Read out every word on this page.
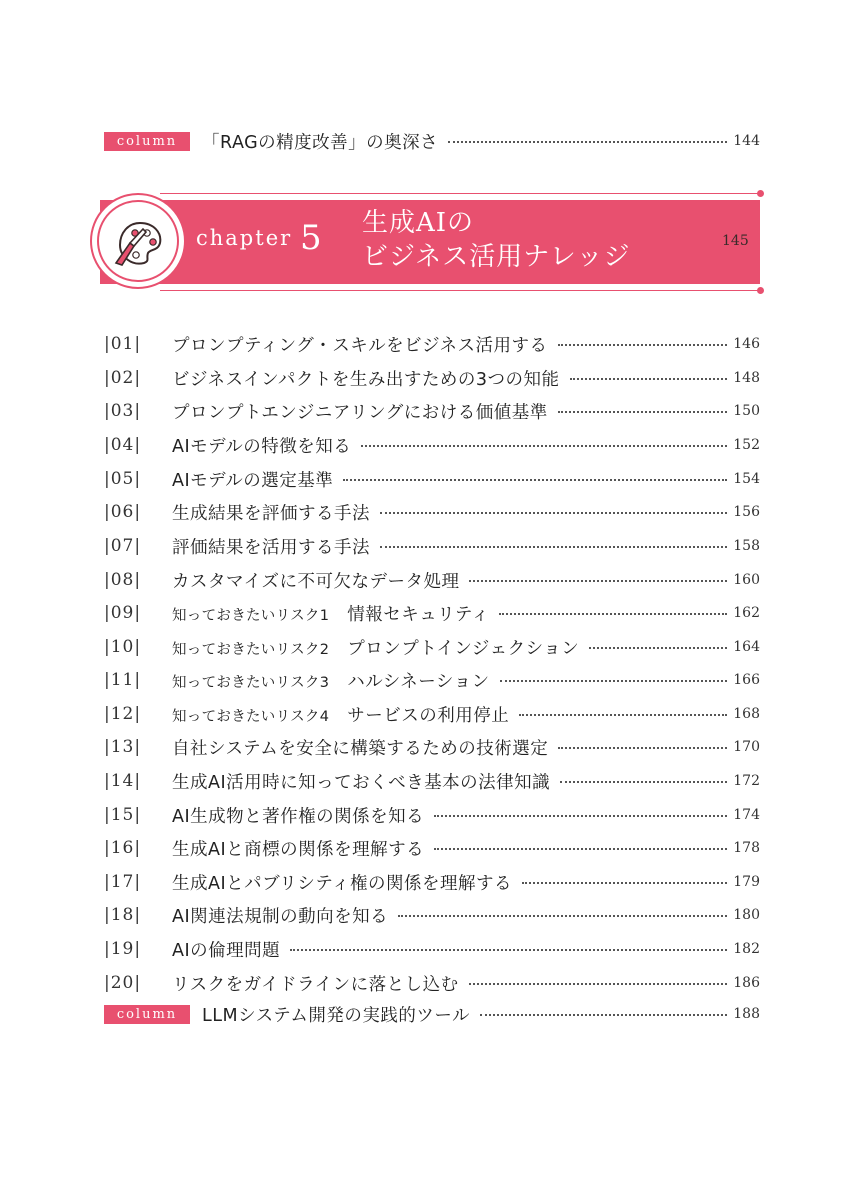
column	「RAGの精度改善」の奥深さ	144
chapter 5 生成AIの
ビジネス活用ナレッジ
145
|01|	プロンプティング・スキルをビジネス活用する	146
|02|	ビジネスインパクトを生み出すための3つの知能	148
|03|	プロンプトエンジニアリングにおける価値基準	150
|04|	AIモデルの特徴を知る	152
|05|	AIモデルの選定基準	154
|06|	生成結果を評価する手法	156
|07|	評価結果を活用する手法	158
|08|	カスタマイズに不可欠なデータ処理	160
|09|	知っておきたいリスク1 情報セキュリティ	162
|10|	知っておきたいリスク2 プロンプトインジェクション	164
|11|	知っておきたいリスク3 ハルシネーション	166
|12|	知っておきたいリスク4 サービスの利用停止	168
|13|	自社システムを安全に構築するための技術選定	170
|14|	生成AI活用時に知っておくべき基本の法律知識	172
|15|	AI生成物と著作権の関係を知る	174
|16|	生成AIと商標の関係を理解する	178
|17|	生成AIとパブリシティ権の関係を理解する	179
|18|	AI関連法規制の動向を知る	180
|19|	AIの倫理問題	182
|20|	リスクをガイドラインに落とし込む	186
column	LLMシステム開発の実践的ツール	188
